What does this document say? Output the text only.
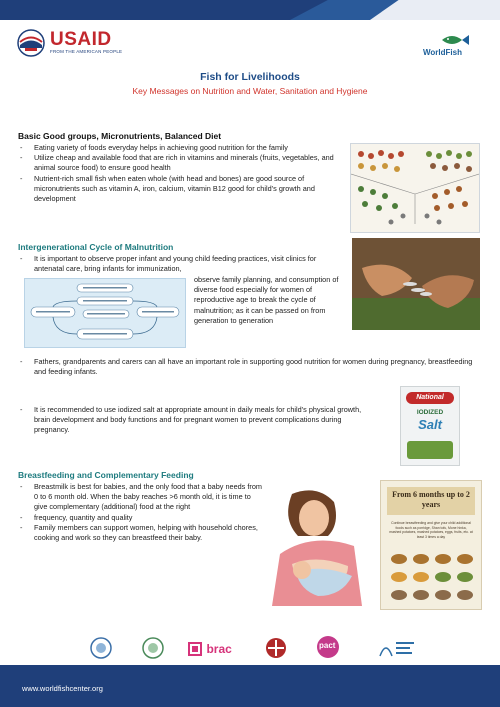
USAID
FROM THE AMERICAN PEOPLE	WorldFish
Fish for Livelihoods
Key Messages on Nutrition and Water, Sanitation and Hygiene
Basic Good groups, Micronutrients, Balanced Diet
- Eating variety of foods everyday helps in achieving good nutrition for the family
- Utilize cheap and available food that are rich in vitamins and minerals (fruits, vegetables, and animal source food) to ensure good health
- Nutrient-rich small fish when eaten whole (with head and bones) are good source of micronutrients such as vitamin A, iron, calcium, vitamin B12 good for child’s growth and development
Intergenerational Cycle of Malnutrition
- It is important to observe proper infant and young child feeding practices, visit clinics for antenatal care, bring infants for immunization,
observe family planning, and consumption of diverse food especially for women of reproductive age to break the cycle of malnutrition; as it can be passed on from generation to generation
- Fathers, grandparents and carers can all have an important role in supporting good nutrition for women during pregnancy, breastfeeding and feeding infants.
- It is recommended to use iodized salt at appropriate amount in daily meals for child’s physical growth, brain development and body functions and for pregnant women to prevent complications during pregnancy.
National
IODIZED
Salt
Breastfeeding and Complementary Feeding
- Breastmilk is best for babies, and the only food that a baby needs from 0 to 6 month old. When the baby reaches >6 month old, it is time to give complementary (additional) food at the right
- frequency, quantity and quality
- Family members can support women, helping with household chores, cooking and work so they can breastfeed their baby.
From 6 months up to 2 years
Continue breastfeeding and give your child additional foods such as porridge, Shan tofu, Mone hinka, mashed potatoes, mashed potatoes, eggs, fruits, etc. at least 3 times a day
brac	pact
www.worldfishcenter.org
